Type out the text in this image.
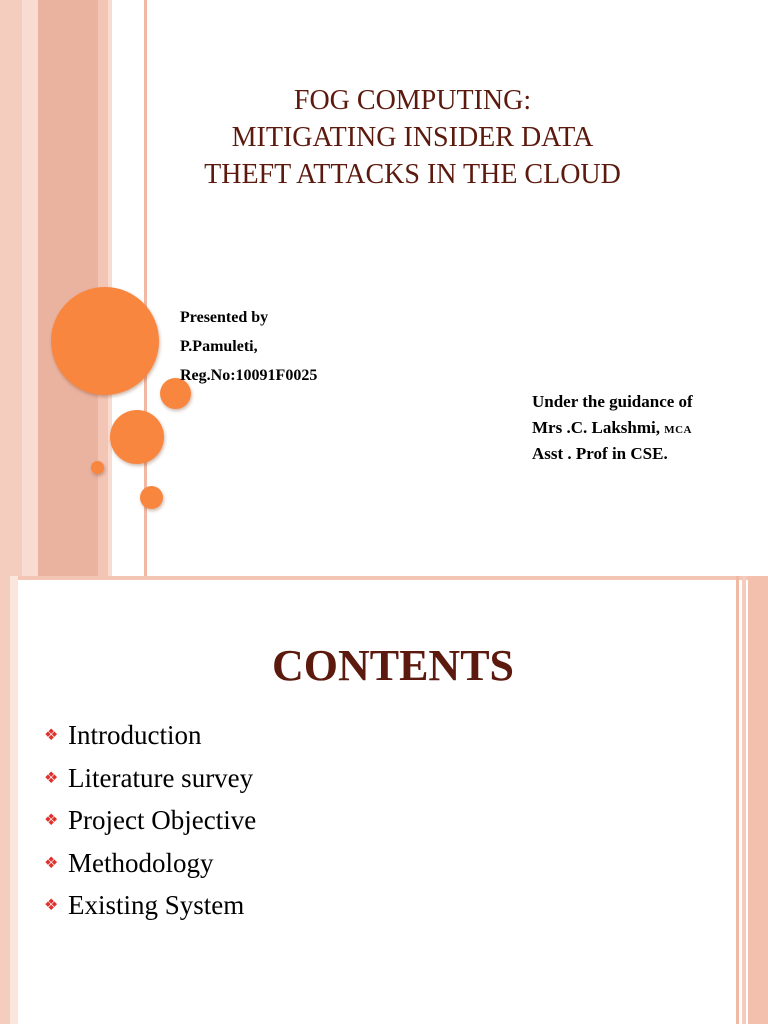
FOG COMPUTING:
MITIGATING INSIDER DATA
THEFT ATTACKS IN THE CLOUD
Presented by
P.Pamuleti,
Reg.No:10091F0025
Under the guidance of
Mrs .C. Lakshmi, MCA
Asst . Prof in CSE.
CONTENTS
❖ Introduction
❖ Literature survey
❖ Project Objective
❖ Methodology
❖ Existing System
